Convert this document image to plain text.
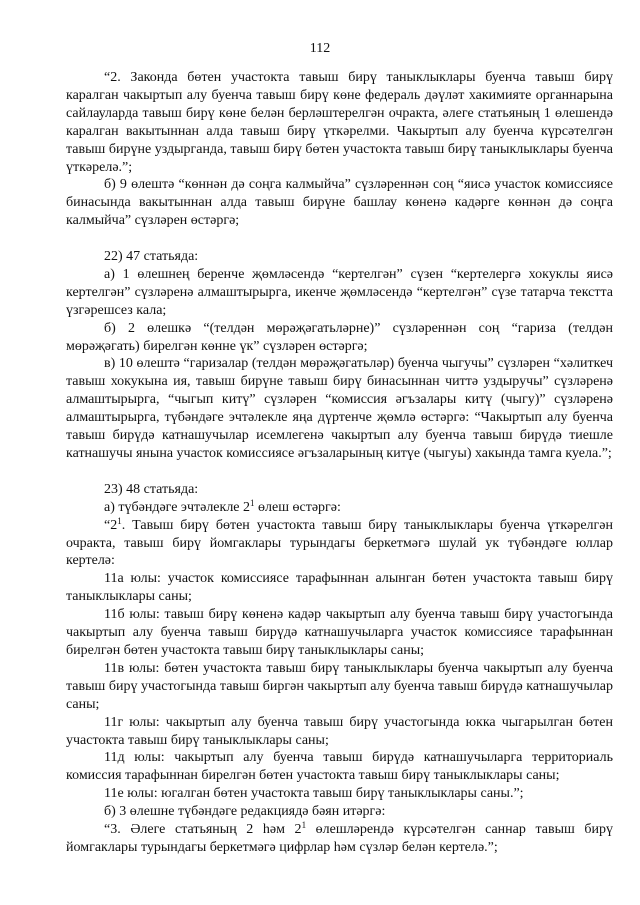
112

“2. Законда бөтен участокта тавыш бирү таныклыклары буенча тавыш бирү каралган чакыртып алу буенча тавыш бирү көне федераль дәүләт хакимияте органнарына сайлауларда тавыш бирү көне белән берләштерелгән очракта, әлеге статьяның 1 өлешендә каралган вакытыннан алда тавыш бирү үткәрелми. Чакыртып алу буенча күрсәтелгән тавыш бирүне уздырганда, тавыш бирү бөтен участокта тавыш бирү таныклыклары буенча үткәрелә.”;

б) 9 өлештә “көннән дә соңга калмыйча” сүзләреннән соң “яисә участок комиссиясе бинасында вакытыннан алда тавыш бирүне башлау көненә кадәрге көннән дә соңга калмыйча” сүзләрен өстәргә;

22) 47 статьяда:

а) 1 өлешнең беренче җөмләсендә “кертелгән” сүзен “кертелергә хокуклы яисә кертелгән” сүзләренә алмаштырырга, икенче җөмләсендә “кертелгән” сүзе татарча текстта үзгәрешсез кала;

б) 2 өлешкә “(телдән мөрәҗәгатьләрне)” сүзләреннән соң “гариза (телдән мөрәҗәгать) бирелгән көнне үк” сүзләрен өстәргә;

в) 10 өлештә “гаризалар (телдән мөрәҗәгатьләр) буенча чыгучы” сүзләрен “хәлиткеч тавыш хокукына ия, тавыш бирүне тавыш бирү бинасыннан читтә уздыручы” сүзләренә алмаштырырга, “чыгып китү” сүзләрен “комиссия әгъзалары китү (чыгу)” сүзләренә алмаштырырга, түбәндәге эчтәлекле яңа дүртенче җөмлә өстәргә: “Чакыртып алу буенча тавыш бирүдә катнашучылар исемлегенә чакыртып алу буенча тавыш бирүдә тиешле катнашучы янына участок комиссиясе әгъзаларының китүе (чыгуы) хакында тамга куела.”;

23) 48 статьяда:

а) түбәндәге эчтәлекле $2^1$ өлеш өстәргә:

“$2^1$. Тавыш бирү бөтен участокта тавыш бирү таныклыклары буенча үткәрелгән очракта, тавыш бирү йомгаклары турындагы беркетмәгә шулай ук түбәндәге юллар кертелә:

11а юлы: участок комиссиясе тарафыннан алынган бөтен участокта тавыш бирү таныклыклары саны;

11б юлы: тавыш бирү көненә кадәр чакыртып алу буенча тавыш бирү участогында чакыртып алу буенча тавыш бирүдә катнашучыларга участок комиссиясе тарафыннан бирелгән бөтен участокта тавыш бирү таныклыклары саны;

11в юлы: бөтен участокта тавыш бирү таныклыклары буенча чакыртып алу буенча тавыш бирү участогында тавыш биргән чакыртып алу буенча тавыш бирүдә катнашучылар саны;

11г юлы: чакыртып алу буенча тавыш бирү участогында юкка чыгарылган бөтен участокта тавыш бирү таныклыклары саны;

11д юлы: чакыртып алу буенча тавыш бирүдә катнашучыларга территориаль комиссия тарафыннан бирелгән бөтен участокта тавыш бирү таныклыклары саны;

11е юлы: югалган бөтен участокта тавыш бирү таныклыклары саны.”;

б) 3 өлешне түбәндәге редакциядә бәян итәргә:

“3. Әлеге статьяның 2 һәм $2^1$ өлешләрендә күрсәтелгән саннар тавыш бирү йомгаклары турындагы беркетмәгә цифрлар һәм сүзләр белән кертелә.”;
